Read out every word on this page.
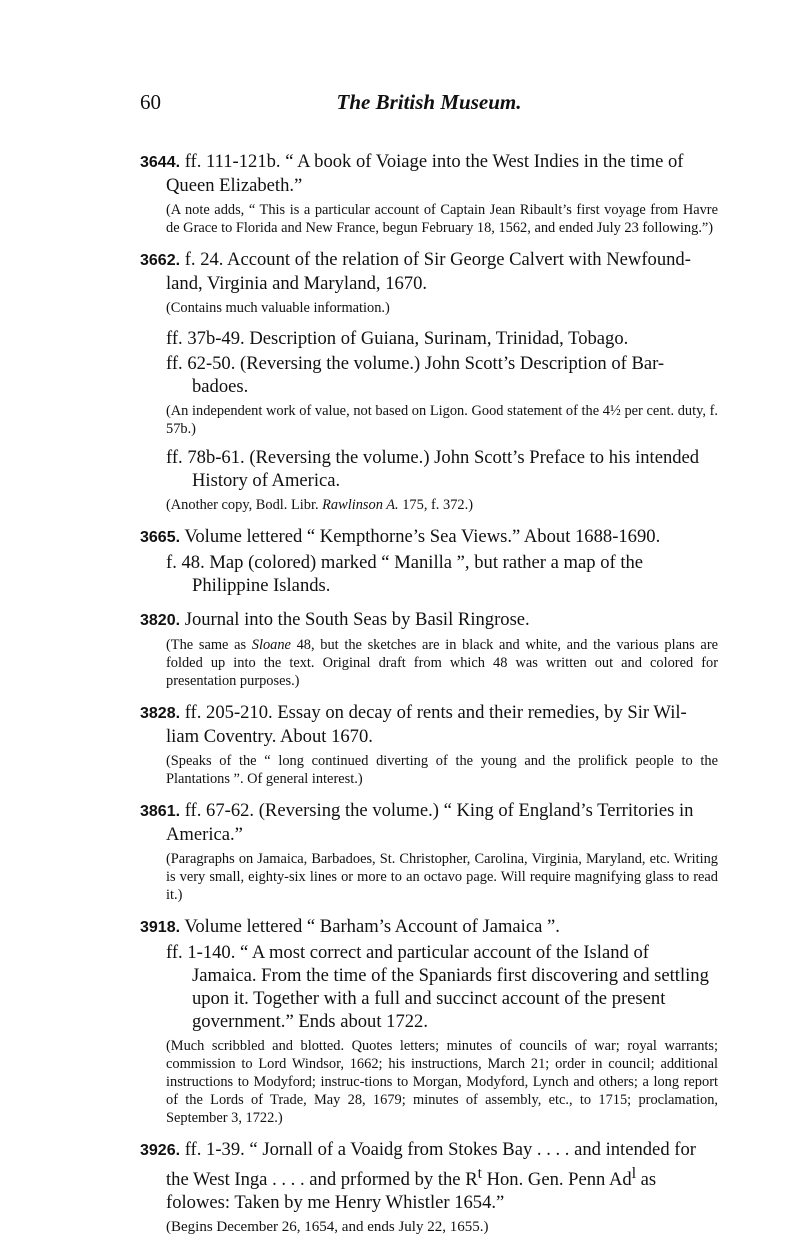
60	The British Museum.
3644. ff. 111-121b. “ A book of Voiage into the West Indies in the time of Queen Elizabeth.”
(A note adds, “ This is a particular account of Captain Jean Ribault’s first voyage from Havre de Grace to Florida and New France, begun February 18, 1562, and ended July 23 following.”)
3662. f. 24. Account of the relation of Sir George Calvert with Newfound-land, Virginia and Maryland, 1670.
(Contains much valuable information.)
ff. 37b-49. Description of Guiana, Surinam, Trinidad, Tobago.
ff. 62-50. (Reversing the volume.) John Scott’s Description of Bar-badoes.
(An independent work of value, not based on Ligon. Good statement of the 4½ per cent. duty, f. 57b.)
ff. 78b-61. (Reversing the volume.) John Scott’s Preface to his intended History of America.
(Another copy, Bodl. Libr. Rawlinson A. 175, f. 372.)
3665. Volume lettered “ Kempthorne’s Sea Views.” About 1688-1690.
f. 48. Map (colored) marked “ Manilla ”, but rather a map of the Philippine Islands.
3820. Journal into the South Seas by Basil Ringrose.
(The same as Sloane 48, but the sketches are in black and white, and the various plans are folded up into the text. Original draft from which 48 was written out and colored for presentation purposes.)
3828. ff. 205-210. Essay on decay of rents and their remedies, by Sir Wil-liam Coventry. About 1670.
(Speaks of the “ long continued diverting of the young and the prolifick people to the Plantations ”. Of general interest.)
3861. ff. 67-62. (Reversing the volume.) “ King of England’s Territories in America.”
(Paragraphs on Jamaica, Barbadoes, St. Christopher, Carolina, Virginia, Maryland, etc. Writing is very small, eighty-six lines or more to an octavo page. Will require magnifying glass to read it.)
3918. Volume lettered “ Barham’s Account of Jamaica ”.
ff. 1-140. “ A most correct and particular account of the Island of Jamaica. From the time of the Spaniards first discovering and settling upon it. Together with a full and succinct account of the present government.” Ends about 1722.
(Much scribbled and blotted. Quotes letters; minutes of councils of war; royal warrants; commission to Lord Windsor, 1662; his instructions, March 21; order in council; additional instructions to Modyford; instruc-tions to Morgan, Modyford, Lynch and others; a long report of the Lords of Trade, May 28, 1679; minutes of assembly, etc., to 1715; proclamation, September 3, 1722.)
3926. ff. 1-39. “ Jornall of a Voaidg from Stokes Bay . . . . and intended for the West Inga . . . . and prformed by the $R^t$ Hon. Gen. Penn Ad$^l$ as folowes: Taken by me Henry Whistler 1654.”
(Begins December 26, 1654, and ends July 22, 1655.)
